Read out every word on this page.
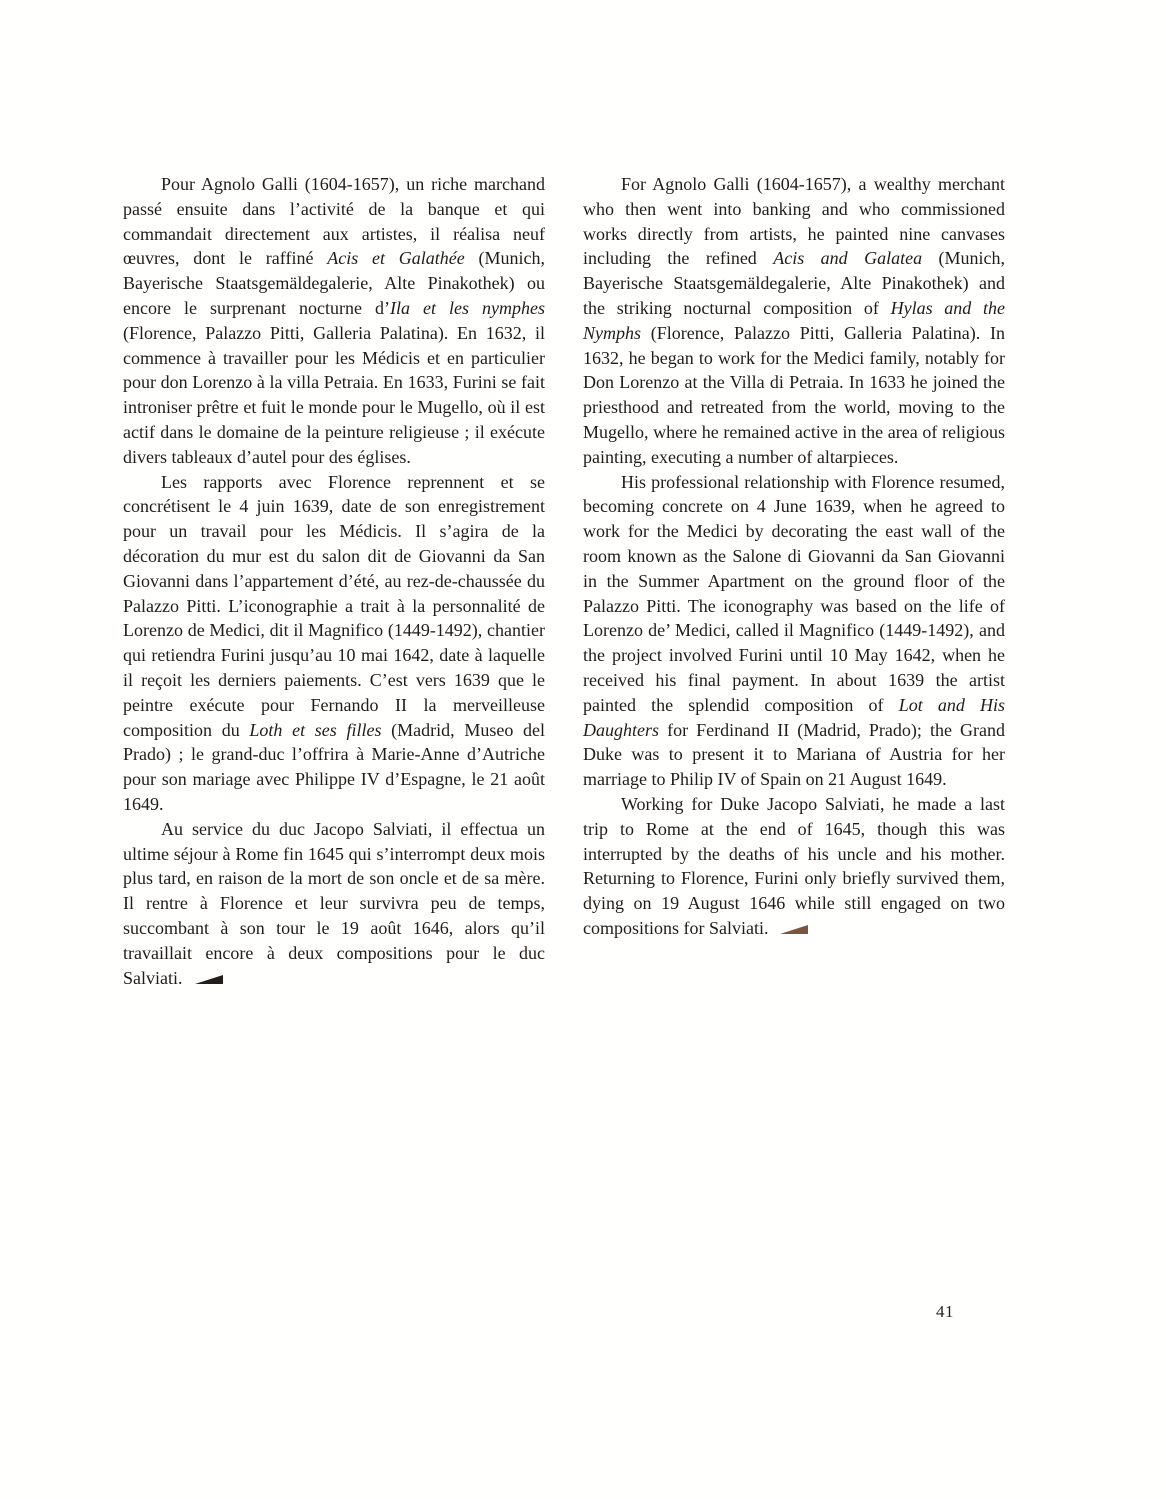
Pour Agnolo Galli (1604-1657), un riche marchand passé ensuite dans l’activité de la banque et qui commandait directement aux artistes, il réalisa neuf œuvres, dont le raffiné Acis et Galathée (Munich, Bayerische Staatsgemäldegalerie, Alte Pinakothek) ou encore le surprenant nocturne d’Ila et les nymphes (Florence, Palazzo Pitti, Galleria Palatina). En 1632, il commence à travailler pour les Médicis et en particulier pour don Lorenzo à la villa Petraia. En 1633, Furini se fait introniser prêtre et fuit le monde pour le Mugello, où il est actif dans le domaine de la peinture religieuse ; il exécute divers tableaux d’autel pour des églises.

Les rapports avec Florence reprennent et se concrétisent le 4 juin 1639, date de son enregistrement pour un travail pour les Médicis. Il s’agira de la décoration du mur est du salon dit de Giovanni da San Giovanni dans l’appartement d’été, au rez-de-chaussée du Palazzo Pitti. L’iconographie a trait à la personnalité de Lorenzo de Medici, dit il Magnifico (1449-1492), chantier qui retiendra Furini jusqu’au 10 mai 1642, date à laquelle il reçoit les derniers paiements. C’est vers 1639 que le peintre exécute pour Fernando II la merveilleuse composition du Loth et ses filles (Madrid, Museo del Prado) ; le grand-duc l’offrira à Marie-Anne d’Autriche pour son mariage avec Philippe IV d’Espagne, le 21 août 1649.

Au service du duc Jacopo Salviati, il effectua un ultime séjour à Rome fin 1645 qui s’interrompt deux mois plus tard, en raison de la mort de son oncle et de sa mère. Il rentre à Florence et leur survivra peu de temps, succombant à son tour le 19 août 1646, alors qu’il travaillait encore à deux compositions pour le duc Salviati.

For Agnolo Galli (1604-1657), a wealthy merchant who then went into banking and who commissioned works directly from artists, he painted nine canvases including the refined Acis and Galatea (Munich, Bayerische Staatsgemäldegalerie, Alte Pinakothek) and the striking nocturnal composition of Hylas and the Nymphs (Florence, Palazzo Pitti, Galleria Palatina). In 1632, he began to work for the Medici family, notably for Don Lorenzo at the Villa di Petraia. In 1633 he joined the priesthood and retreated from the world, moving to the Mugello, where he remained active in the area of religious painting, executing a number of altarpieces.

His professional relationship with Florence resumed, becoming concrete on 4 June 1639, when he agreed to work for the Medici by decorating the east wall of the room known as the Salone di Giovanni da San Giovanni in the Summer Apartment on the ground floor of the Palazzo Pitti. The iconography was based on the life of Lorenzo de’ Medici, called il Magnifico (1449-1492), and the project involved Furini until 10 May 1642, when he received his final payment. In about 1639 the artist painted the splendid composition of Lot and His Daughters for Ferdinand II (Madrid, Prado); the Grand Duke was to present it to Mariana of Austria for her marriage to Philip IV of Spain on 21 August 1649.

Working for Duke Jacopo Salviati, he made a last trip to Rome at the end of 1645, though this was interrupted by the deaths of his uncle and his mother. Returning to Florence, Furini only briefly survived them, dying on 19 August 1646 while still engaged on two compositions for Salviati.

41
